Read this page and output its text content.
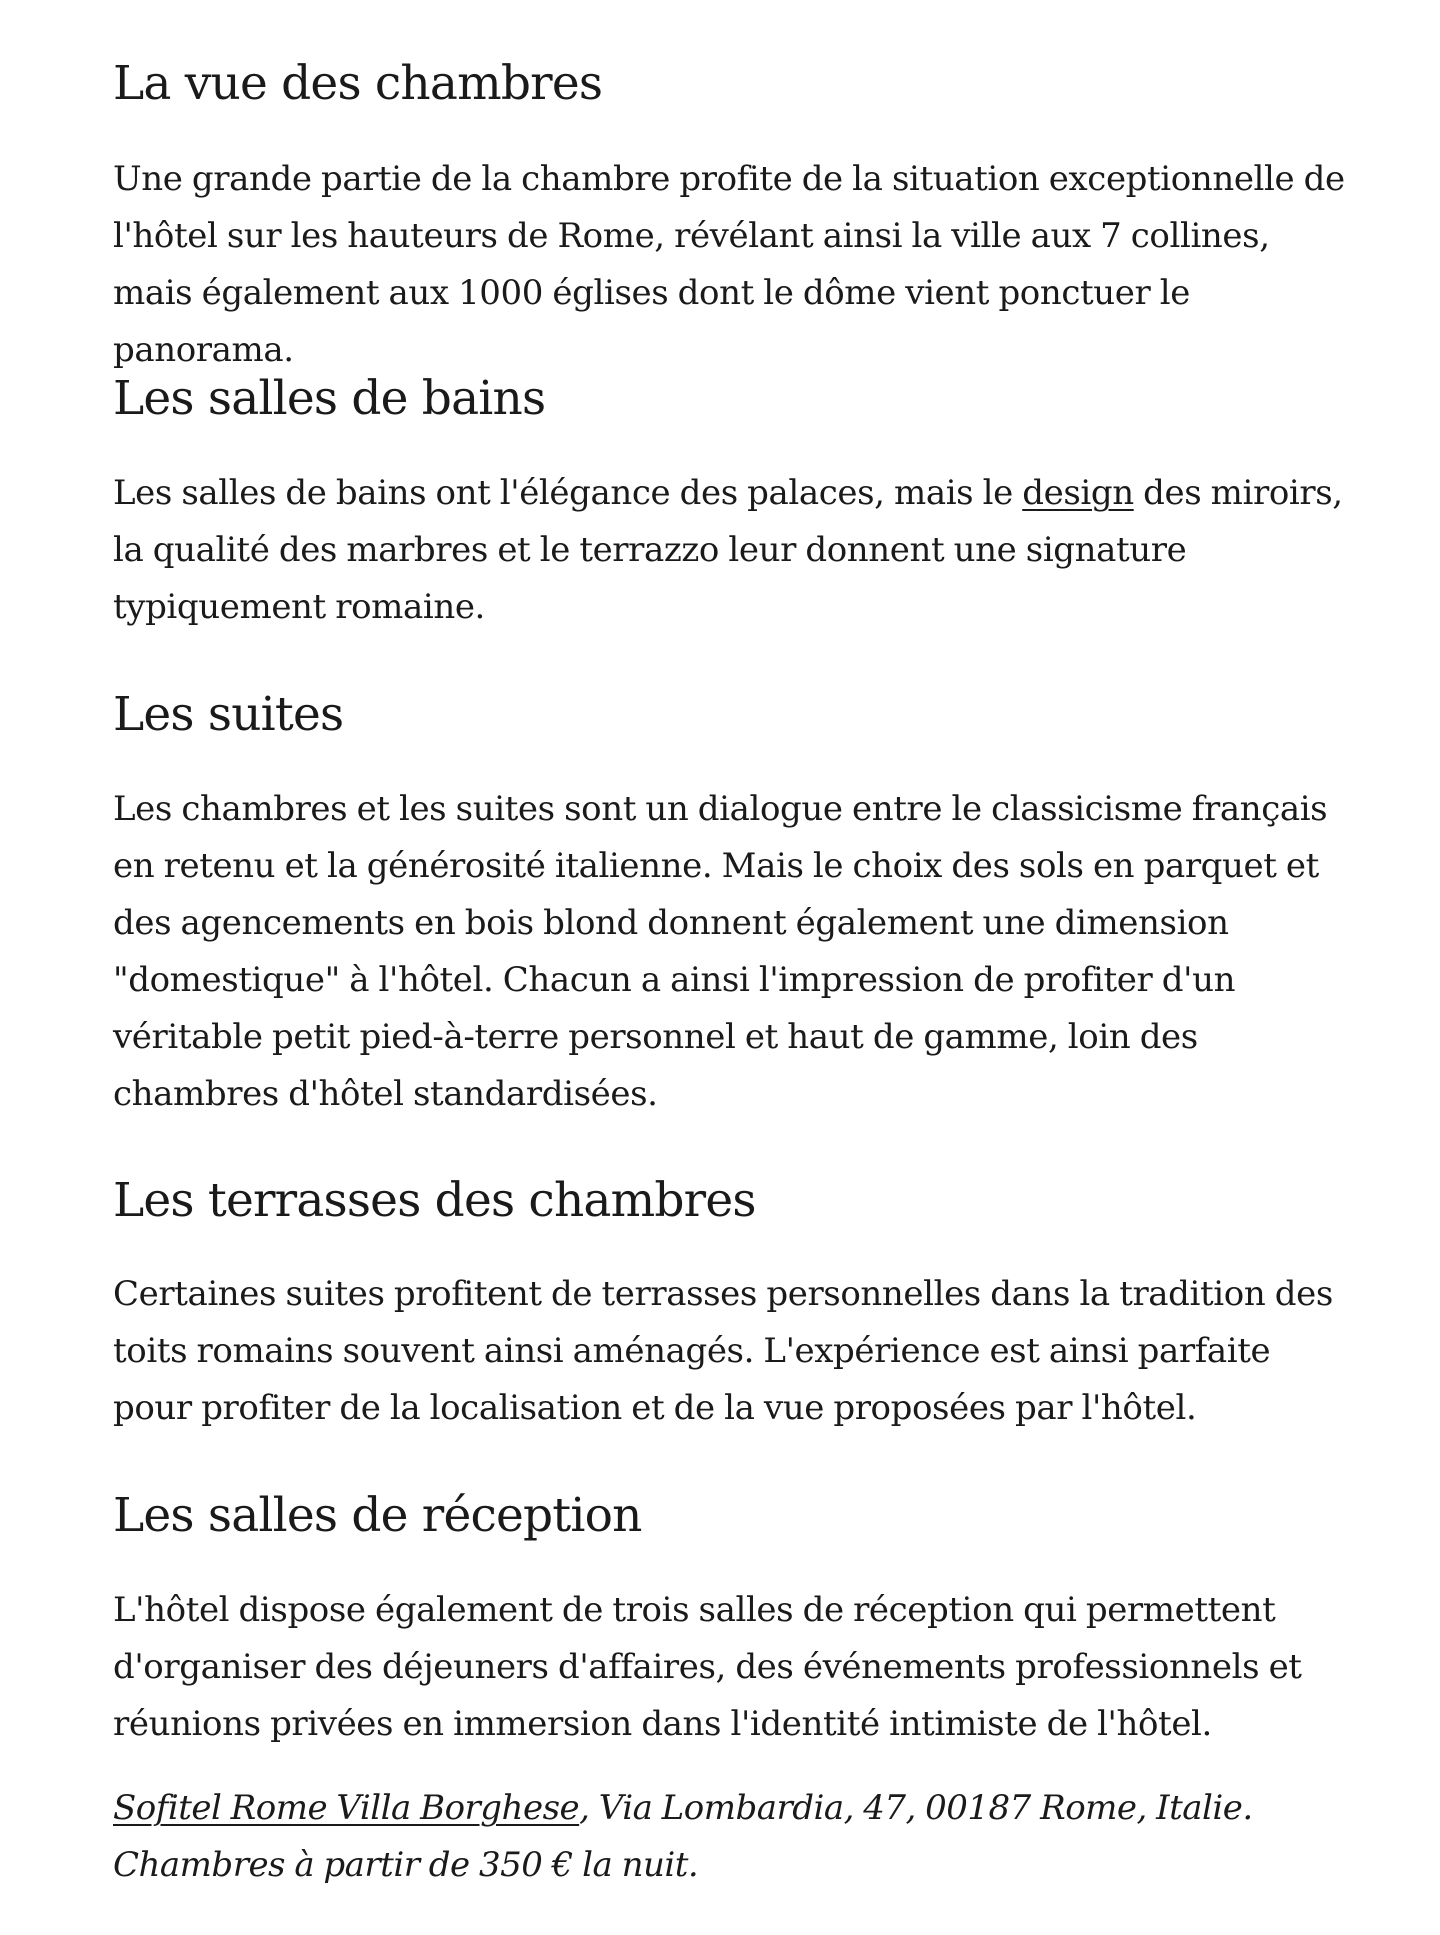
La vue des chambres

Une grande partie de la chambre profite de la situation exceptionnelle de l'hôtel sur les hauteurs de Rome, révélant ainsi la ville aux 7 collines, mais également aux 1000 églises dont le dôme vient ponctuer le panorama.

Les salles de bains

Les salles de bains ont l'élégance des palaces, mais le design des miroirs, la qualité des marbres et le terrazzo leur donnent une signature typiquement romaine.

Les suites

Les chambres et les suites sont un dialogue entre le classicisme français en retenu et la générosité italienne. Mais le choix des sols en parquet et des agencements en bois blond donnent également une dimension "domestique" à l'hôtel. Chacun a ainsi l'impression de profiter d'un véritable petit pied-à-terre personnel et haut de gamme, loin des chambres d'hôtel standardisées.

Les terrasses des chambres

Certaines suites profitent de terrasses personnelles dans la tradition des toits romains souvent ainsi aménagés. L'expérience est ainsi parfaite pour profiter de la localisation et de la vue proposées par l'hôtel.

Les salles de réception

L'hôtel dispose également de trois salles de réception qui permettent d'organiser des déjeuners d'affaires, des événements professionnels et réunions privées en immersion dans l'identité intimiste de l'hôtel.

Sofitel Rome Villa Borghese, Via Lombardia, 47, 00187 Rome, Italie.
Chambres à partir de 350 € la nuit.
